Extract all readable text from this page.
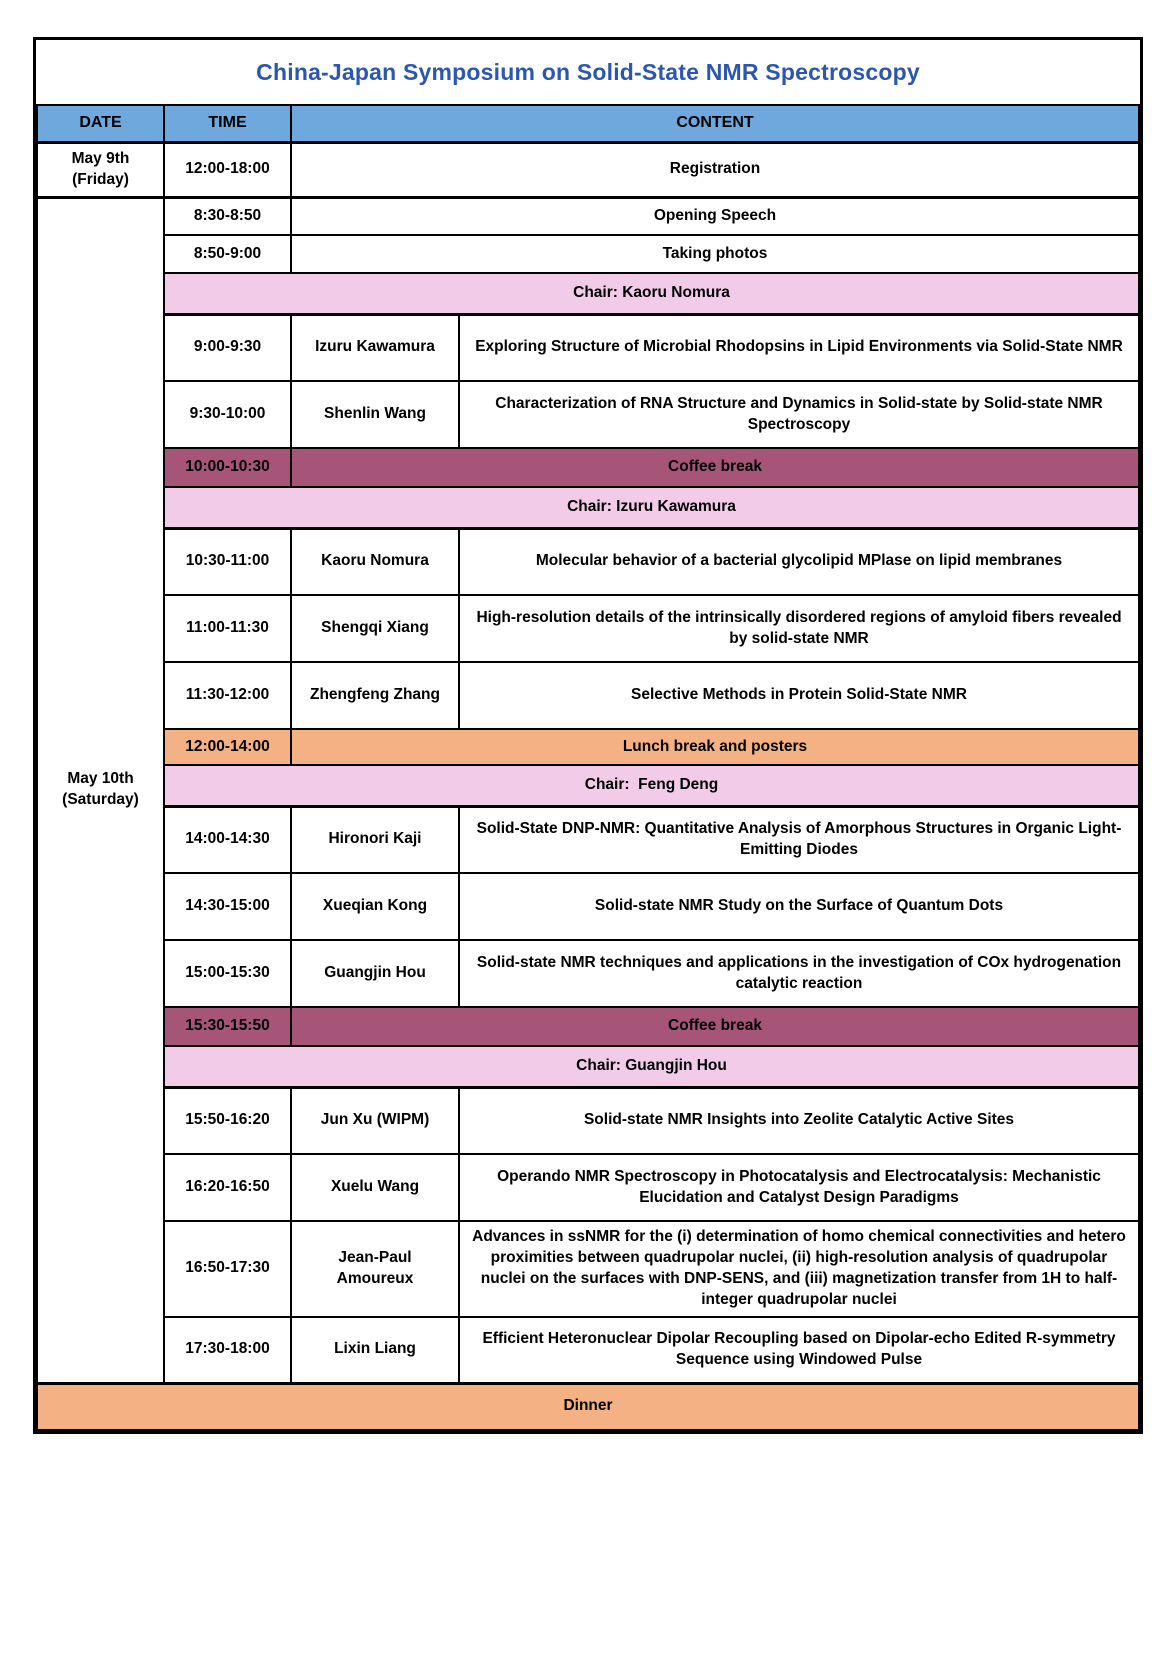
China-Japan Symposium on Solid-State NMR Spectroscopy
DATE	TIME	CONTENT	

May 9th
(Friday)	12:00-18:00	Registration	

May 10th
(Saturday)	8:30-8:50	Opening Speech	
	8:50-9:00	Taking photos	
	Chair: Kaoru Nomura		
	9:00-9:30	Izuru Kawamura	Exploring Structure of Microbial Rhodopsins in Lipid Environments via Solid-State NMR
	9:30-10:00	Shenlin Wang	Characterization of RNA Structure and Dynamics in Solid-state by Solid-state NMR Spectroscopy
	10:00-10:30	Coffee break	
	Chair: Izuru Kawamura		
	10:30-11:00	Kaoru Nomura	Molecular behavior of a bacterial glycolipid MPlase on lipid membranes
	11:00-11:30	Shengqi Xiang	High-resolution details of the intrinsically disordered regions of amyloid fibers revealed by solid-state NMR
	11:30-12:00	Zhengfeng Zhang	Selective Methods in Protein Solid-State NMR
	12:00-14:00	Lunch break and posters	
	Chair:  Feng Deng		
	14:00-14:30	Hironori Kaji	Solid-State DNP-NMR: Quantitative Analysis of Amorphous Structures in Organic Light-Emitting Diodes
	14:30-15:00	Xueqian Kong	Solid-state NMR Study on the Surface of Quantum Dots
	15:00-15:30	Guangjin Hou	Solid-state NMR techniques and applications in the investigation of COx hydrogenation catalytic reaction
	15:30-15:50	Coffee break	
	Chair: Guangjin Hou		
	15:50-16:20	Jun Xu (WIPM)	Solid-state NMR Insights into Zeolite Catalytic Active Sites
	16:20-16:50	Xuelu Wang	Operando NMR Spectroscopy in Photocatalysis and Electrocatalysis: Mechanistic Elucidation and Catalyst Design Paradigms
	16:50-17:30	Jean-Paul Amoureux	Advances in ssNMR for the (i) determination of homo chemical connectivities and hetero proximities between quadrupolar nuclei, (ii) high-resolution analysis of quadrupolar nuclei on the surfaces with DNP-SENS, and (iii) magnetization transfer from 1H to half-integer quadrupolar nuclei
	17:30-18:00	Lixin Liang	Efficient Heteronuclear Dipolar Recoupling based on Dipolar-echo Edited R-symmetry Sequence using Windowed Pulse
Dinner			
